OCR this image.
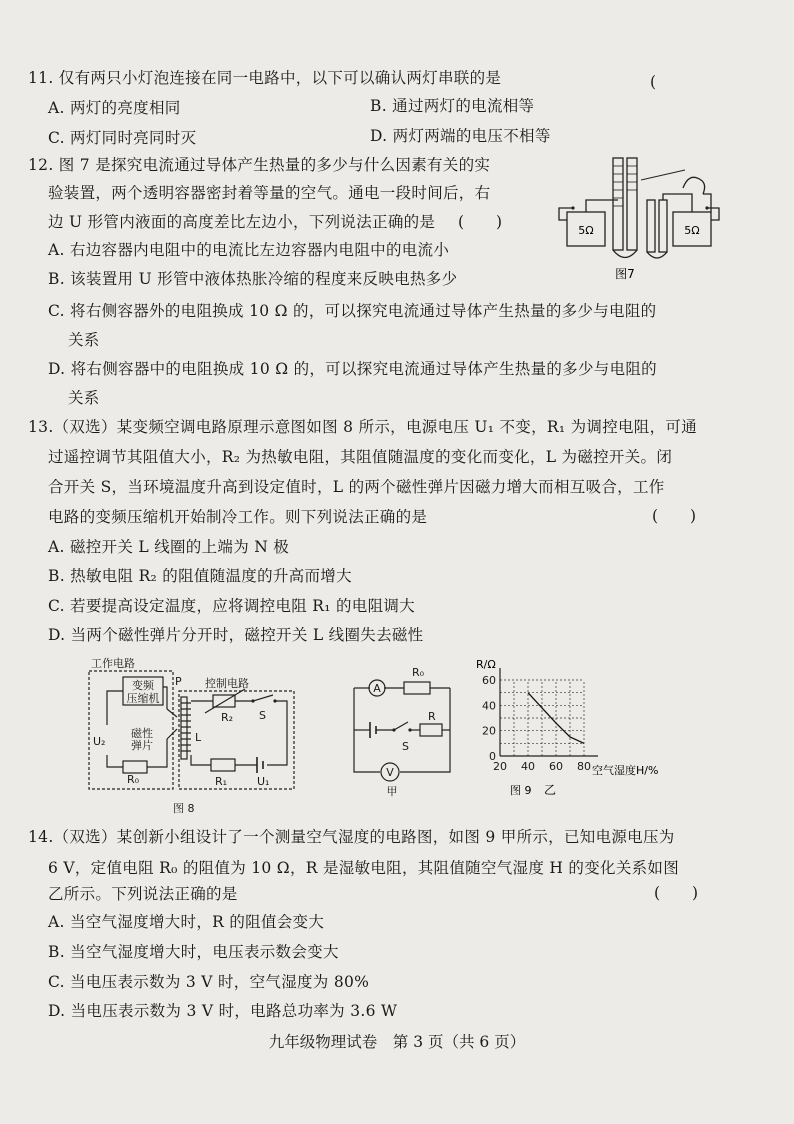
11. 仅有两只小灯泡连接在同一电路中，以下可以确认两灯串联的是	(
A. 两灯的亮度相同	B. 通过两灯的电流相等
C. 两灯同时亮同时灭	D. 两灯两端的电压不相等
12. 图 7 是探究电流通过导体产生热量的多少与什么因素有关的实
验装置，两个透明容器密封着等量的空气。通电一段时间后，右
边 U 形管内液面的高度差比左边小，下列说法正确的是 (　　)
A. 右边容器内电阻中的电流比左边容器内电阻中的电流小
B. 该装置用 U 形管中液体热胀冷缩的程度来反映电热多少
C. 将右侧容器外的电阻换成 10 Ω 的，可以探究电流通过导体产生热量的多少与电阻的
关系
D. 将右侧容器中的电阻换成 10 Ω 的，可以探究电流通过导体产生热量的多少与电阻的
关系
5Ω	5Ω
图7
13.（双选）某变频空调电路原理示意图如图 8 所示，电源电压 U₁ 不变，R₁ 为调控电阻，可通
过遥控调节其阻值大小，R₂ 为热敏电阻，其阻值随温度的变化而变化，L 为磁控开关。闭
合开关 S，当环境温度升高到设定值时，L 的两个磁性弹片因磁力增大而相互吸合，工作
电路的变频压缩机开始制冷工作。则下列说法正确的是	(　　)
A. 磁控开关 L 线圈的上端为 N 极
B. 热敏电阻 R₂ 的阻值随温度的升高而增大
C. 若要提高设定温度，应将调控电阻 R₁ 的电阻调大
D. 当两个磁性弹片分开时，磁控开关 L 线圈失去磁性
工作电路
变频
压缩机
P 控制电路
R₂ S
磁性
弹片
L
U₂
R₀	R₁	U₁
图 8
A
R₀
R
S
V
甲
60
40
20
0
20 40 60 80
R/Ω
空气湿度H/%
乙
图 9
14.（双选）某创新小组设计了一个测量空气湿度的电路图，如图 9 甲所示，已知电源电压为
6 V，定值电阻 R₀ 的阻值为 10 Ω，R 是湿敏电阻，其阻值随空气湿度 H 的变化关系如图
乙所示。下列说法正确的是	(　　)
A. 当空气湿度增大时，R 的阻值会变大
B. 当空气湿度增大时，电压表示数会变大
C. 当电压表示数为 3 V 时，空气湿度为 80%
D. 当电压表示数为 3 V 时，电路总功率为 3.6 W
九年级物理试卷　第 3 页（共 6 页）
